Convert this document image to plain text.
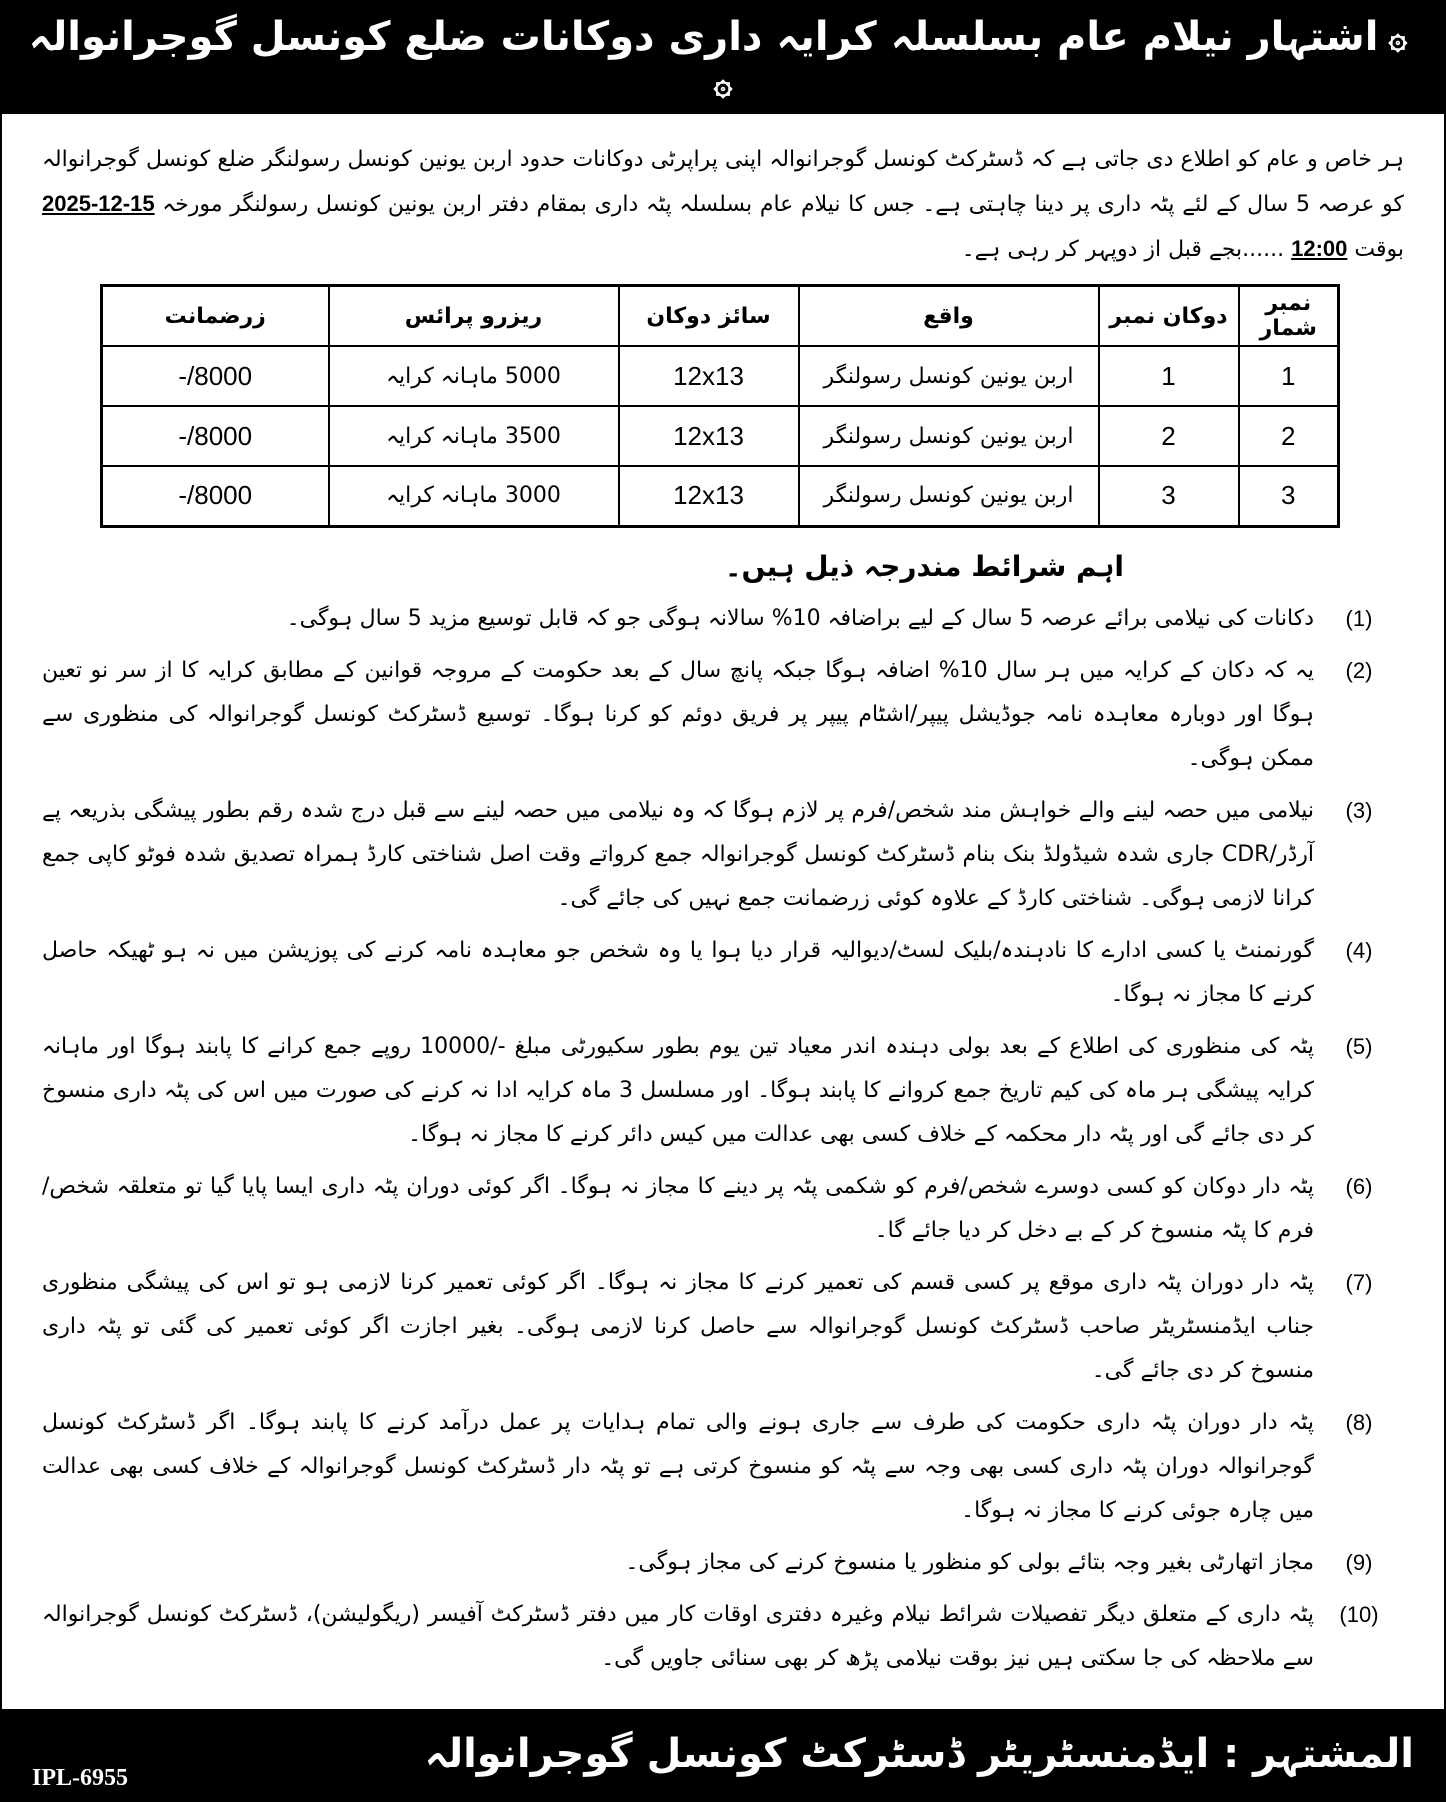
۞
اشتہار نیلام عام بسلسلہ کرایہ داری دوکانات ضلع کونسل گوجرانوالہ
۞

ہر خاص و عام کو اطلاع دی جاتی ہے کہ ڈسٹرکٹ کونسل گوجرانوالہ اپنی پراپرٹی دوکانات حدود اربن یونین کونسل رسولنگر ضلع کونسل گوجرانوالہ کو عرصہ 5 سال کے لئے پٹہ داری پر دینا چاہتی ہے۔ جس کا نیلام عام بسلسلہ پٹہ داری بمقام دفتر اربن یونین کونسل رسولنگر مورخہ 15-12-2025 بوقت 12:00 ......بجے قبل از دوپہر کر رہی ہے۔

نمبر شمار	دوکان نمبر	واقع	سائز دوکان	ریزرو پرائس	زرضمانت
1	1	اربن یونین کونسل رسولنگر	12x13	5000 ماہانہ کرایہ	8000/-
2	2	اربن یونین کونسل رسولنگر	12x13	3500 ماہانہ کرایہ	8000/-
3	3	اربن یونین کونسل رسولنگر	12x13	3000 ماہانہ کرایہ	8000/-
اہم شرائط مندرجہ ذیل ہیں۔
(1)
دکانات کی نیلامی برائے عرصہ 5 سال کے لیے براضافہ 10% سالانہ ہوگی جو کہ قابل توسیع مزید 5 سال ہوگی۔
(2)
یہ کہ دکان کے کرایہ میں ہر سال 10% اضافہ ہوگا جبکہ پانچ سال کے بعد حکومت کے مروجہ قوانین کے مطابق کرایہ کا از سر نو تعین ہوگا اور دوبارہ معاہدہ نامہ جوڈیشل پیپر/اشٹام پیپر پر فریق دوئم کو کرنا ہوگا۔ توسیع ڈسٹرکٹ کونسل گوجرانوالہ کی منظوری سے ممکن ہوگی۔
(3)
نیلامی میں حصہ لینے والے خواہش مند شخص/فرم پر لازم ہوگا کہ وہ نیلامی میں حصہ لینے سے قبل درج شدہ رقم بطور پیشگی بذریعہ پے آرڈر/CDR جاری شدہ شیڈولڈ بنک بنام ڈسٹرکٹ کونسل گوجرانوالہ جمع کرواتے وقت اصل شناختی کارڈ ہمراہ تصدیق شدہ فوٹو کاپی جمع کرانا لازمی ہوگی۔ شناختی کارڈ کے علاوہ کوئی زرضمانت جمع نہیں کی جائے گی۔
(4)
گورنمنٹ یا کسی ادارے کا نادہندہ/بلیک لسٹ/دیوالیہ قرار دیا ہوا یا وہ شخص جو معاہدہ نامہ کرنے کی پوزیشن میں نہ ہو ٹھیکہ حاصل کرنے کا مجاز نہ ہوگا۔
(5)
پٹہ کی منظوری کی اطلاع کے بعد بولی دہندہ اندر معیاد تین یوم بطور سکیورٹی مبلغ -/10000 روپے جمع کرانے کا پابند ہوگا اور ماہانہ کرایہ پیشگی ہر ماہ کی کیم تاریخ جمع کروانے کا پابند ہوگا۔ اور مسلسل 3 ماہ کرایہ ادا نہ کرنے کی صورت میں اس کی پٹہ داری منسوخ کر دی جائے گی اور پٹہ دار محکمہ کے خلاف کسی بھی عدالت میں کیس دائر کرنے کا مجاز نہ ہوگا۔
(6)
پٹہ دار دوکان کو کسی دوسرے شخص/فرم کو شکمی پٹہ پر دینے کا مجاز نہ ہوگا۔ اگر کوئی دوران پٹہ داری ایسا پایا گیا تو متعلقہ شخص/فرم کا پٹہ منسوخ کر کے بے دخل کر دیا جائے گا۔
(7)
پٹہ دار دوران پٹہ داری موقع پر کسی قسم کی تعمیر کرنے کا مجاز نہ ہوگا۔ اگر کوئی تعمیر کرنا لازمی ہو تو اس کی پیشگی منظوری جناب ایڈمنسٹریٹر صاحب ڈسٹرکٹ کونسل گوجرانوالہ سے حاصل کرنا لازمی ہوگی۔ بغیر اجازت اگر کوئی تعمیر کی گئی تو پٹہ داری منسوخ کر دی جائے گی۔
(8)
پٹہ دار دوران پٹہ داری حکومت کی طرف سے جاری ہونے والی تمام ہدایات پر عمل درآمد کرنے کا پابند ہوگا۔ اگر ڈسٹرکٹ کونسل گوجرانوالہ دوران پٹہ داری کسی بھی وجہ سے پٹہ کو منسوخ کرتی ہے تو پٹہ دار ڈسٹرکٹ کونسل گوجرانوالہ کے خلاف کسی بھی عدالت میں چارہ جوئی کرنے کا مجاز نہ ہوگا۔
(9)
مجاز اتھارٹی بغیر وجہ بتائے بولی کو منظور یا منسوخ کرنے کی مجاز ہوگی۔
(10)
پٹہ داری کے متعلق دیگر تفصیلات شرائط نیلام وغیرہ دفتری اوقات کار میں دفتر ڈسٹرکٹ آفیسر (ریگولیشن)، ڈسٹرکٹ کونسل گوجرانوالہ سے ملاحظہ کی جا سکتی ہیں نیز بوقت نیلامی پڑھ کر بھی سنائی جاویں گی۔
المشتہر : ایڈمنسٹریٹر ڈسٹرکٹ کونسل گوجرانوالہ
IPL-6955
